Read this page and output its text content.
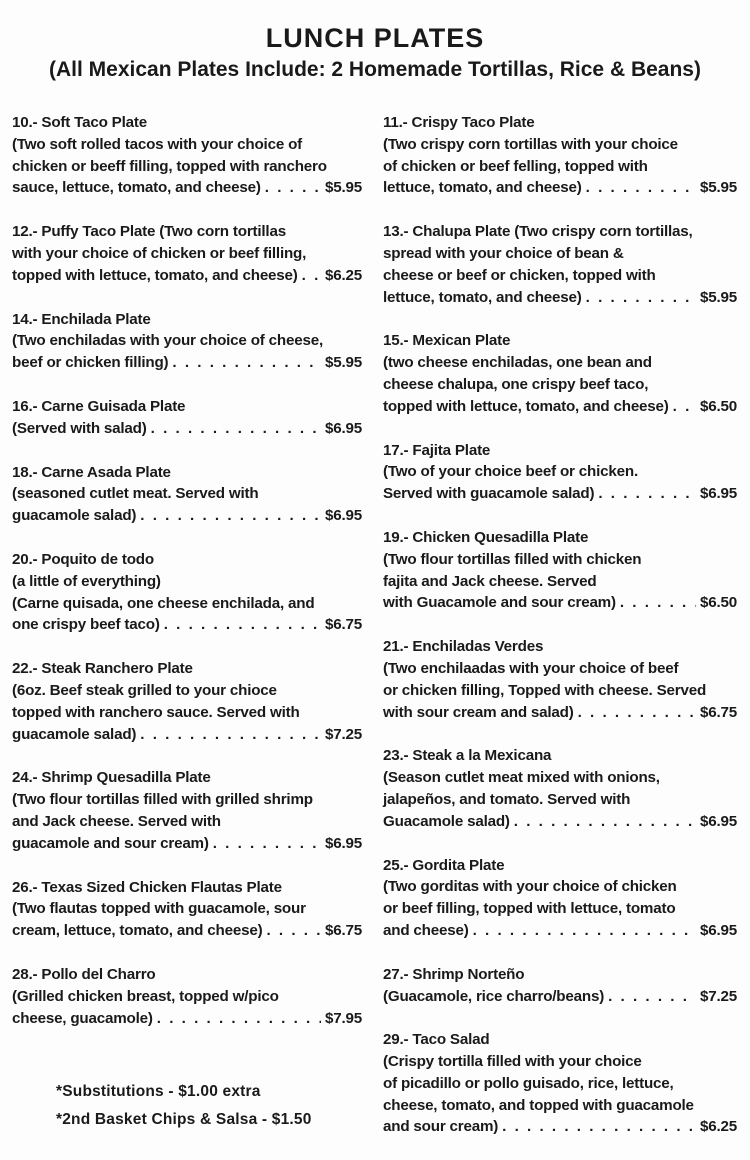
LUNCH PLATES
(All Mexican Plates Include: 2 Homemade Tortillas, Rice & Beans)
10.- Soft Taco Plate
(Two soft rolled tacos with your choice of
chicken or beeff filling, topped with ranchero
sauce, lettuce, tomato, and cheese) . . .	$5.95
12.- Puffy Taco Plate (Two corn tortillas
with your choice of chicken or beef filling,
topped with lettuce, tomato, and cheese) . . . $6.25
14.- Enchilada Plate
(Two enchiladas with your choice of cheese,
beef or chicken filling) . . .	$5.95
16.- Carne Guisada Plate
(Served with salad) . . .	$6.95
18.- Carne Asada Plate
(seasoned cutlet meat. Served with
guacamole salad) . . .	$6.95
20.- Poquito de todo
(a little of everything)
(Carne quisada, one cheese enchilada, and
one crispy beef taco) . . .	$6.75
22.- Steak Ranchero Plate
(6oz. Beef steak grilled to your chioce
topped with ranchero sauce. Served with
guacamole salad) . . .	$7.25
24.- Shrimp Quesadilla Plate
(Two flour tortillas filled with grilled shrimp
and Jack cheese. Served with
guacamole and sour cream) . . .	$6.95
26.- Texas Sized Chicken Flautas Plate
(Two flautas topped with guacamole, sour
cream, lettuce, tomato, and cheese) . . .	$6.75
28.- Pollo del Charro
(Grilled chicken breast, topped w/pico
cheese, guacamole) . . .	$7.95
11.- Crispy Taco Plate
(Two crispy corn tortillas with your choice
of chicken or beef felling, topped with
lettuce, tomato, and cheese) . . .	$5.95
13.- Chalupa Plate (Two crispy corn tortillas,
spread with your choice of bean &
cheese or beef or chicken, topped with
lettuce, tomato, and cheese) . . .	$5.95
15.- Mexican Plate
(two cheese enchiladas, one bean and
cheese chalupa, one crispy beef taco,
topped with lettuce, tomato, and cheese) . . . $6.50
17.- Fajita Plate
(Two of your choice beef or chicken.
Served with guacamole salad) . . .	$6.95
19.- Chicken Quesadilla Plate
(Two flour tortillas filled with chicken
fajita and Jack cheese. Served
with Guacamole and sour cream) . . .	$6.50
21.- Enchiladas Verdes
(Two enchilaadas with your choice of beef
or chicken filling, Topped with cheese. Served
with sour cream and salad) . . .	$6.75
23.- Steak a la Mexicana
(Season cutlet meat mixed with onions,
jalapeños, and tomato. Served with
Guacamole salad) . . .	$6.95
25.- Gordita Plate
(Two gorditas with your choice of chicken
or beef filling, topped with lettuce, tomato
and cheese) . . .	$6.95
27.- Shrimp Norteño
(Guacamole, rice charro/beans) . . .	$7.25
29.- Taco Salad
(Crispy tortilla filled with your choice
of picadillo or pollo guisado, rice, lettuce,
cheese, tomato, and topped with guacamole
and sour cream) . . .	$6.25
*Substitutions - $1.00 extra
*2nd Basket Chips & Salsa - $1.50
